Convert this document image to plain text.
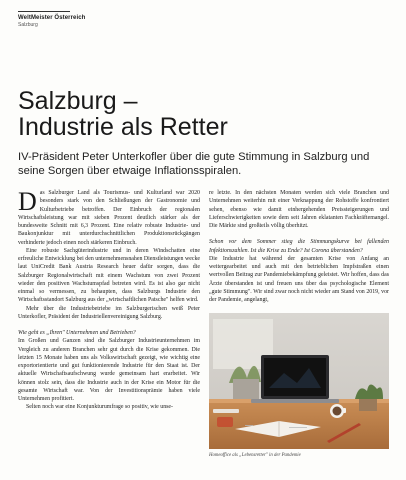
WeltMeister Österreich
Salzburg
Salzburg –
Industrie als Retter

IV-Präsident Peter Unterkofler über die gute Stimmung in Salzburg und seine Sorgen über etwaige Inflationsspiralen.

Das Salzburger Land als Tourismus- und Kulturland war 2020 besonders stark von den Schließungen der Gastronomie und Kulturbetriebe betroffen. Der Einbruch der regionalen Wirtschaftsleistung war mit sieben Prozent deutlich stärker als der bundesweite Schnitt mit 6,3 Prozent. Eine relativ robuste Industrie- und Baukonjunktur mit unterdurchschnittlichen Produktionsrückgängen verhinderte jedoch einen noch stärkeren Einbruch.

Eine robuste Sachgüterindustrie und in deren Windschatten eine erfreuliche Entwicklung bei den unternehmensnahen Dienstleistungen wecke laut UniCredit Bank Austria Research heuer dafür sorgen, dass die Salzburger Regionalwirtschaft mit einem Wachstum von zwei Prozent wieder den positiven Wachstumspfad betreten wird. Es ist also gar nicht einmal so vermessen, zu behaupten, dass Salzburgs Industrie den Wirtschaftsstandort Salzburg aus der „wirtschaftlichen Patsche" helfen wird.

Mehr über die Industriebetriebe im Salzburgerischen weiß Peter Unterkofler, Präsident der Industriellenvereinigung Salzburg.

Wie geht es „Ihren" Unternehmen und Betrieben?

Im Großen und Ganzen sind die Salzburger Industrieunternehmen im Vergleich zu anderen Branchen sehr gut durch die Krise gekommen. Die letzten 15 Monate haben uns als Volkswirtschaft gezeigt, wie wichtig eine exportorientierte und gut funktionierende Industrie für den Staat ist. Der aktuelle Wirtschaftsaufschwung wurde gemeinsam hart erarbeitet. Wir können stolz sein, dass die Industrie auch in der Krise ein Motor für die gesamte Wirtschaft war. Von der Investitionsprämie haben viele Unternehmen profitiert.

Selten noch war eine Konjunkturumfrage so positiv, wie unse-

re letzte. In den nächsten Monaten werden sich viele Branchen und Unternehmen weiterhin mit einer Verknappung der Rohstoffe konfrontiert sehen, ebenso wie damit einhergehenden Preissteigerungen und Lieferschwierigkeiten sowie dem seit Jahren eklatanten Fachkräftemangel. Die Märkte sind großteils völlig überhitzt.

Schon vor dem Sommer stieg die Stimmungskurve bei fallenden Infektionszahlen. Ist die Krise zu Ende? Ist Corona überstanden?

Die Industrie hat während der gesamten Krise von Anfang an weitergearbeitet und auch mit den betrieblichen Impfstraßen einen wertvollen Beitrag zur Pandemiebekämpfung geleistet. Wir hoffen, dass das Ärzte überstanden ist und freuen uns über das psychologische Element „gute Stimmung". Wir sind zwar noch nicht wieder am Stand von 2019, vor der Pandemie, angelangt,

Homeoffice als „Lebensretter" in der Pandemie
